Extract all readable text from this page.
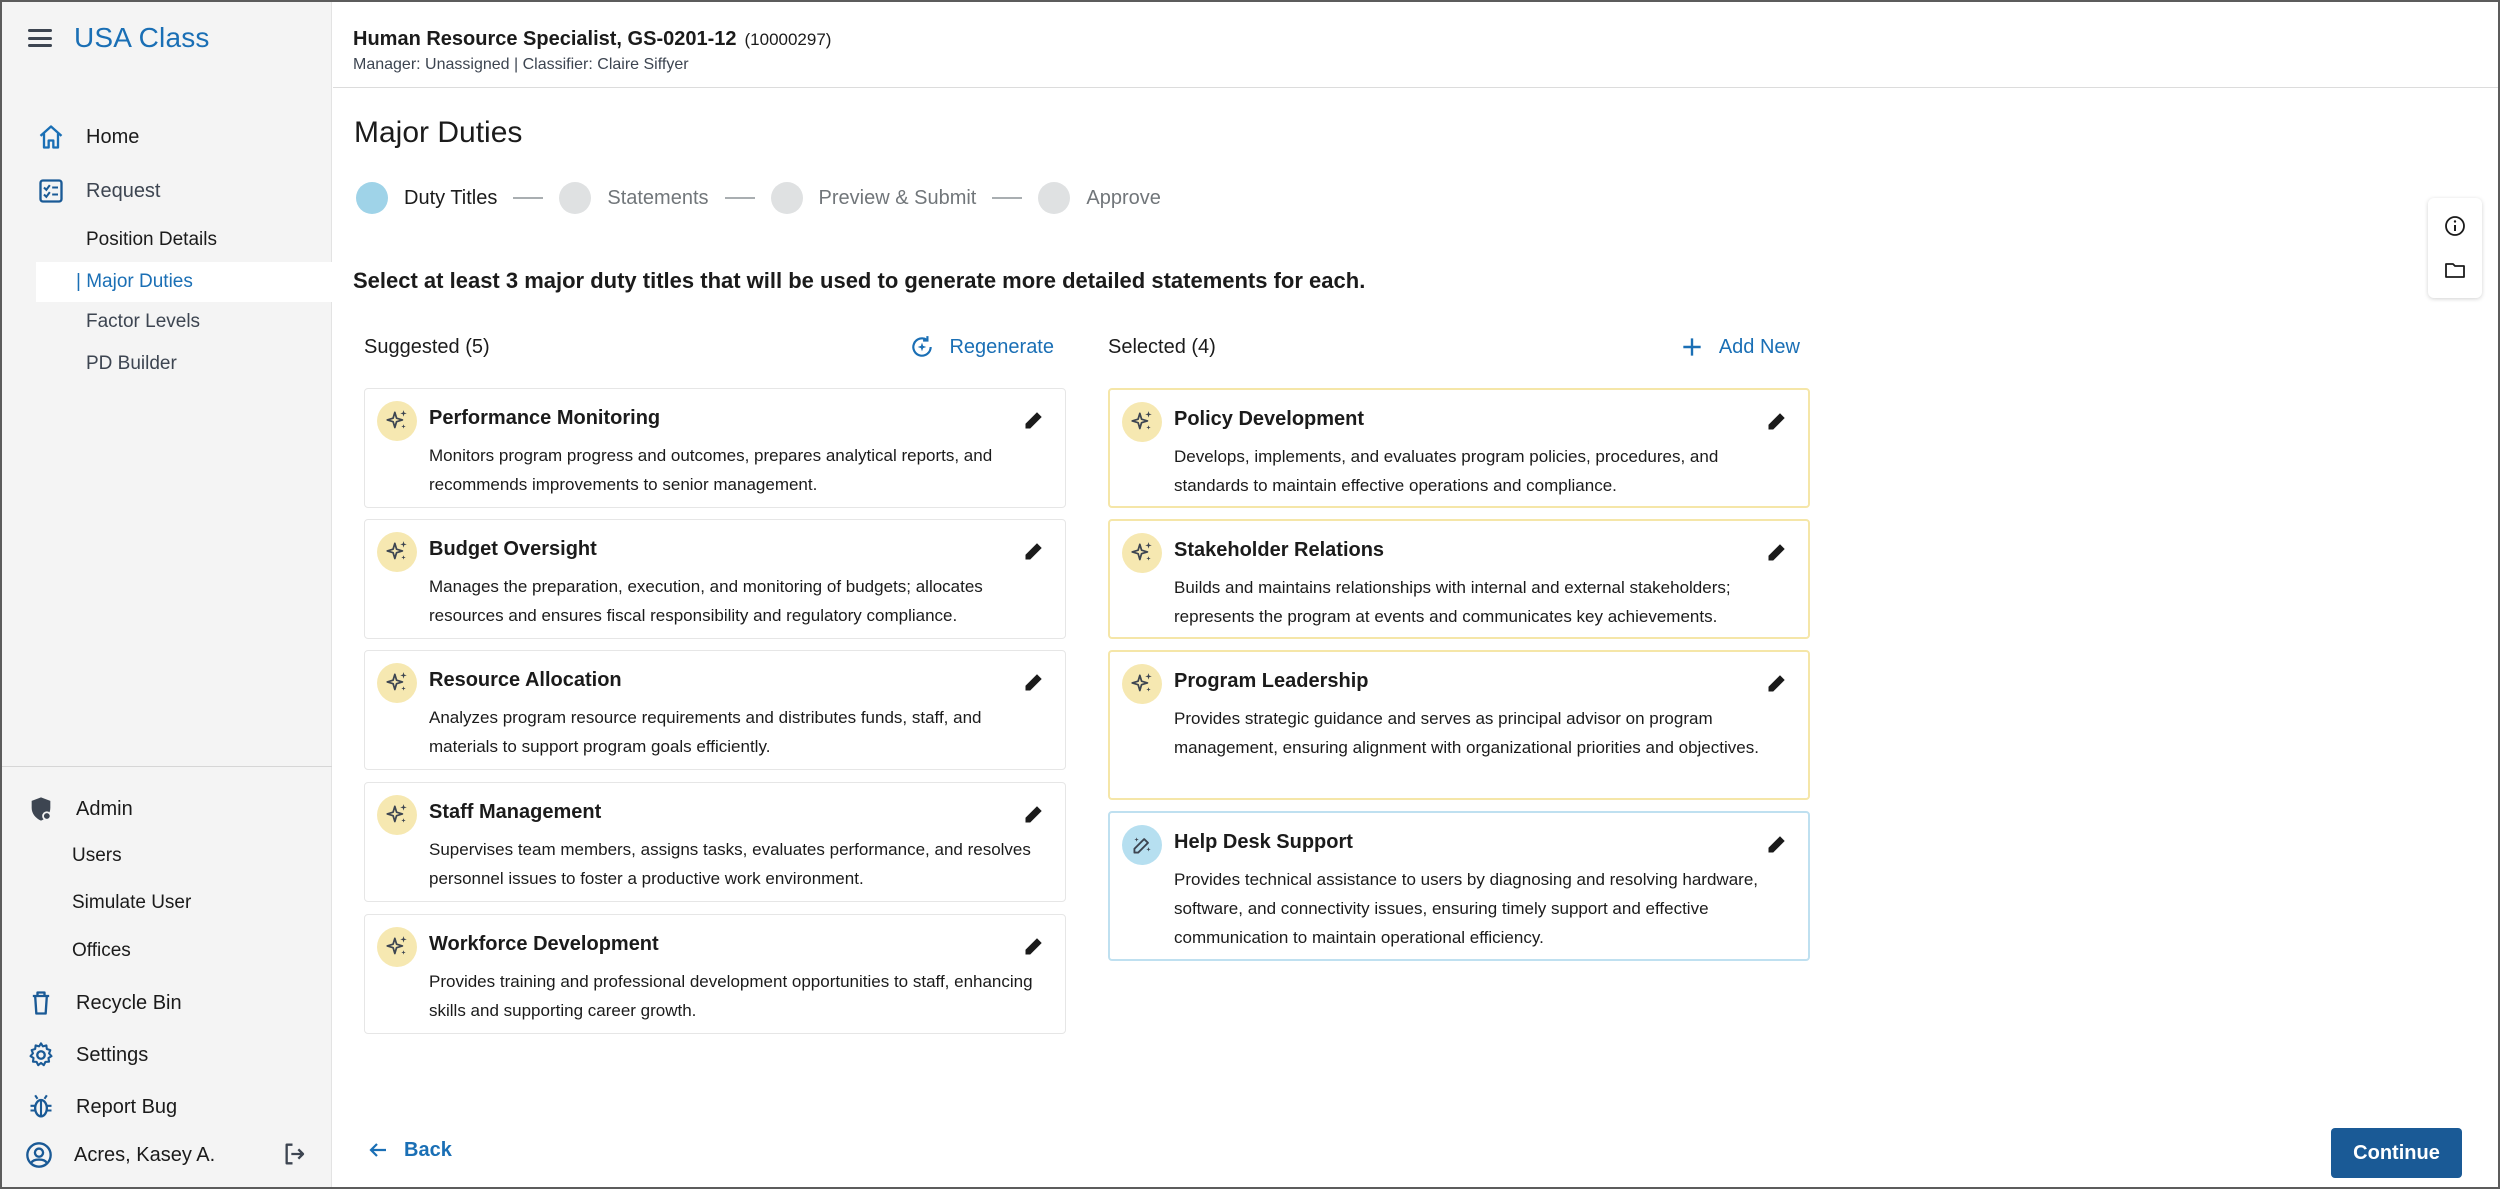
USA Class
Home
Request
Position Details
| Major Duties
Factor Levels
PD Builder
Admin
Users
Simulate User
Offices
Recycle Bin
Settings
Report Bug
Acres, Kasey A.
Human Resource Specialist, GS-0201-12 (10000297)
Manager: Unassigned | Classifier: Claire Siffyer
Major Duties
Duty Titles	Statements	Preview & Submit	Approve

Select at least 3 major duty titles that will be used to generate more detailed statements for each.

Suggested (5)	Regenerate	Selected (4)	Add New
Performance Monitoring
Monitors program progress and outcomes, prepares analytical reports, and recommends improvements to senior management.
Budget Oversight
Manages the preparation, execution, and monitoring of budgets; allocates resources and ensures fiscal responsibility and regulatory compliance.
Resource Allocation
Analyzes program resource requirements and distributes funds, staff, and materials to support program goals efficiently.
Staff Management
Supervises team members, assigns tasks, evaluates performance, and resolves personnel issues to foster a productive work environment.
Workforce Development
Provides training and professional development opportunities to staff, enhancing skills and supporting career growth.
Policy Development
Develops, implements, and evaluates program policies, procedures, and standards to maintain effective operations and compliance.
Stakeholder Relations
Builds and maintains relationships with internal and external stakeholders; represents the program at events and communicates key achievements.
Program Leadership
Provides strategic guidance and serves as principal advisor on program management, ensuring alignment with organizational priorities and objectives.
Help Desk Support
Provides technical assistance to users by diagnosing and resolving hardware, software, and connectivity issues, ensuring timely support and effective communication to maintain operational efficiency.
Back	Continue
